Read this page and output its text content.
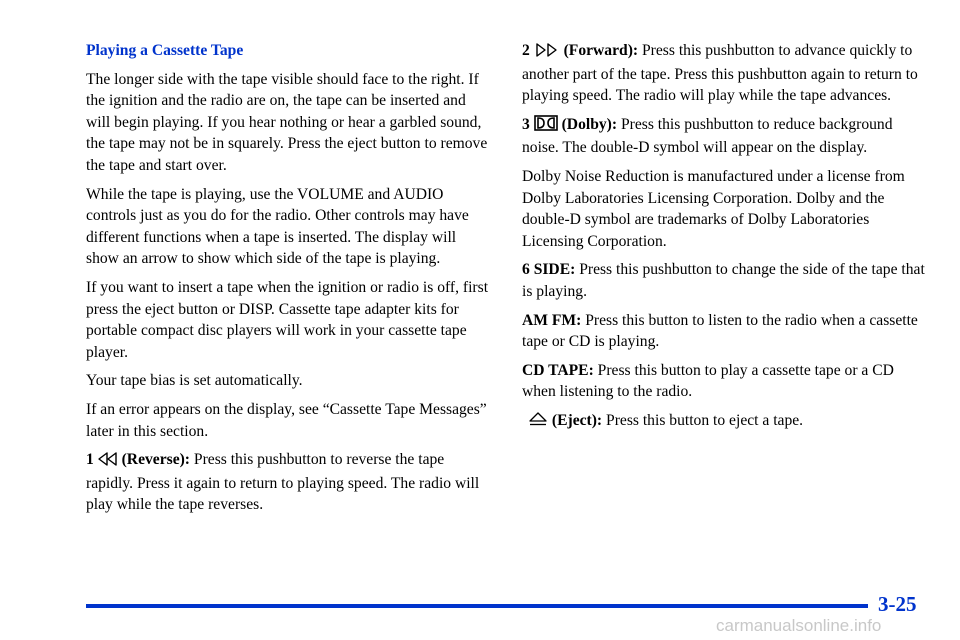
Playing a Cassette Tape

The longer side with the tape visible should face to the right. If the ignition and the radio are on, the tape can be inserted and will begin playing. If you hear nothing or hear a garbled sound, the tape may not be in squarely. Press the eject button to remove the tape and start over.

While the tape is playing, use the VOLUME and AUDIO controls just as you do for the radio. Other controls may have different functions when a tape is inserted. The display will show an arrow to show which side of the tape is playing.

If you want to insert a tape when the ignition or radio is off, first press the eject button or DISP. Cassette tape adapter kits for portable compact disc players will work in your cassette tape player.

Your tape bias is set automatically.

If an error appears on the display, see “Cassette Tape Messages” later in this section.

1 (Reverse): Press this pushbutton to reverse the tape rapidly. Press it again to return to playing speed. The radio will play while the tape reverses.

2 (Forward): Press this pushbutton to advance quickly to another part of the tape. Press this pushbutton again to return to playing speed. The radio will play while the tape advances.

3 (Dolby): Press this pushbutton to reduce background noise. The double‑D symbol will appear on the display.

Dolby Noise Reduction is manufactured under a license from Dolby Laboratories Licensing Corporation. Dolby and the double‑D symbol are trademarks of Dolby Laboratories Licensing Corporation.

6 SIDE: Press this pushbutton to change the side of the tape that is playing.

AM FM: Press this button to listen to the radio when a cassette tape or CD is playing.

CD TAPE: Press this button to play a cassette tape or a CD when listening to the radio.

(Eject): Press this button to eject a tape.

3-25
carmanualsonline.info
